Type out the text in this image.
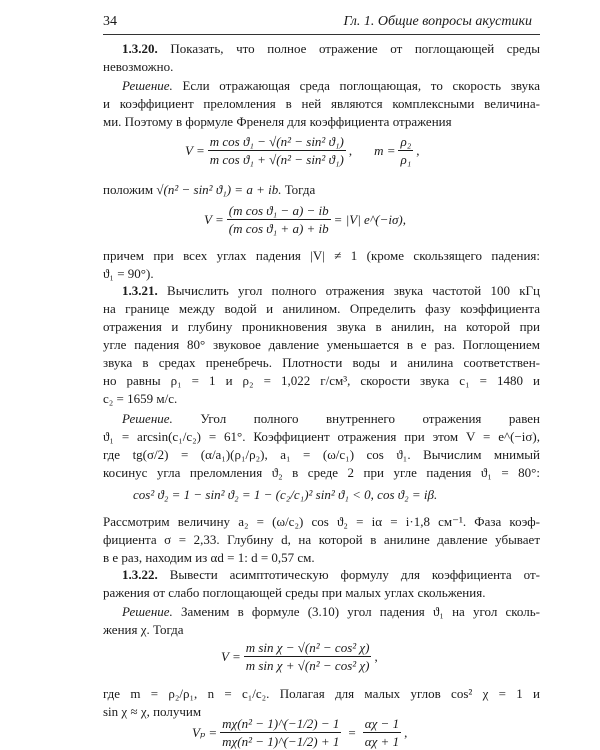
34	Гл. 1. Общие вопросы акустики
1.3.20. Показать, что полное отражение от поглощающей среды
невозможно.
Решение. Если отражающая среда поглощающая, то скорость звука
и коэффициент преломления в ней являются комплексными величина-
ми. Поэтому в формуле Френеля для коэффициента отражения
$V = \frac{\text{m cos ϑ₁ − √(n² − sin² ϑ₁)}}{\text{m cos ϑ₁ + √(n² − sin² ϑ₁)}}$ , $m = \frac{\text{ρ₂}}{\text{ρ₁}}$ ,
положим √(n² − sin² ϑ₁) = a + ib. Тогда
$V = \frac{\text{(m cos ϑ₁ − a) − ib}}{\text{(m cos ϑ₁ + a) + ib}} = |V|$ e^(−iσ),
причем при всех углах падения |V| ≠ 1 (кроме скользящего падения:
ϑ₁ = 90°).
1.3.21. Вычислить угол полного отражения звука частотой 100 кГц
на границе между водой и анилином. Определить фазу коэффициента
отражения и глубину проникновения звука в анилин, на которой при
угле падения 80° звуковое давление уменьшается в e раз. Поглощением
звука в средах пренебречь. Плотности воды и анилина соответствен-
но равны ρ₁ = 1 и ρ₂ = 1,022 г/см³, скорости звука c₁ = 1480 и
c₂ = 1659 м/с.
Решение. Угол полного внутреннего отражения равен
ϑ₁ = arcsin(c₁/c₂) = 61°. Коэффициент отражения при этом V = e^(−iσ),
где tg(σ/2) = (α/a₁)(ρ₁/ρ₂), a₁ = (ω/c₁) cos ϑ₁. Вычислим мнимый
косинус угла преломления ϑ₂ в среде 2 при угле падения ϑ₁ = 80°:
cos² ϑ₂ = 1 − sin² ϑ₂ = 1 − (c₂/c₁)² sin² ϑ₁ < 0, cos ϑ₂ = iβ.
Рассмотрим величину a₂ = (ω/c₂) cos ϑ₂ = iα = i·1,8 см⁻¹. Фаза коэф-
фициента σ = 2,33. Глубину d, на которой в анилине давление убывает
в e раз, находим из αd = 1: d = 0,57 см.
1.3.22. Вывести асимптотическую формулу для коэффициента от-
ражения от слабо поглощающей среды при малых углах скольжения.
Решение. Заменим в формуле (3.10) угол падения ϑ₁ на угол сколь-
жения χ. Тогда
$V = \frac{\text{m sin χ − √(n² − cos² χ)}}{\text{m sin χ + √(n² − cos² χ)}}$ ,
где m = ρ₂/ρ₁, n = c₁/c₂. Полагая для малых углов cos² χ = 1 и
sin χ ≈ χ, получим
$V_p = \frac{\text{mχ(n² − 1)\textasciicircum{}(−1/2) − 1}}{\text{mχ(n² − 1)\textasciicircum{}(−1/2) + 1}} = \frac{\alpha\chi - 1}{\alpha\chi + 1}$ ,
